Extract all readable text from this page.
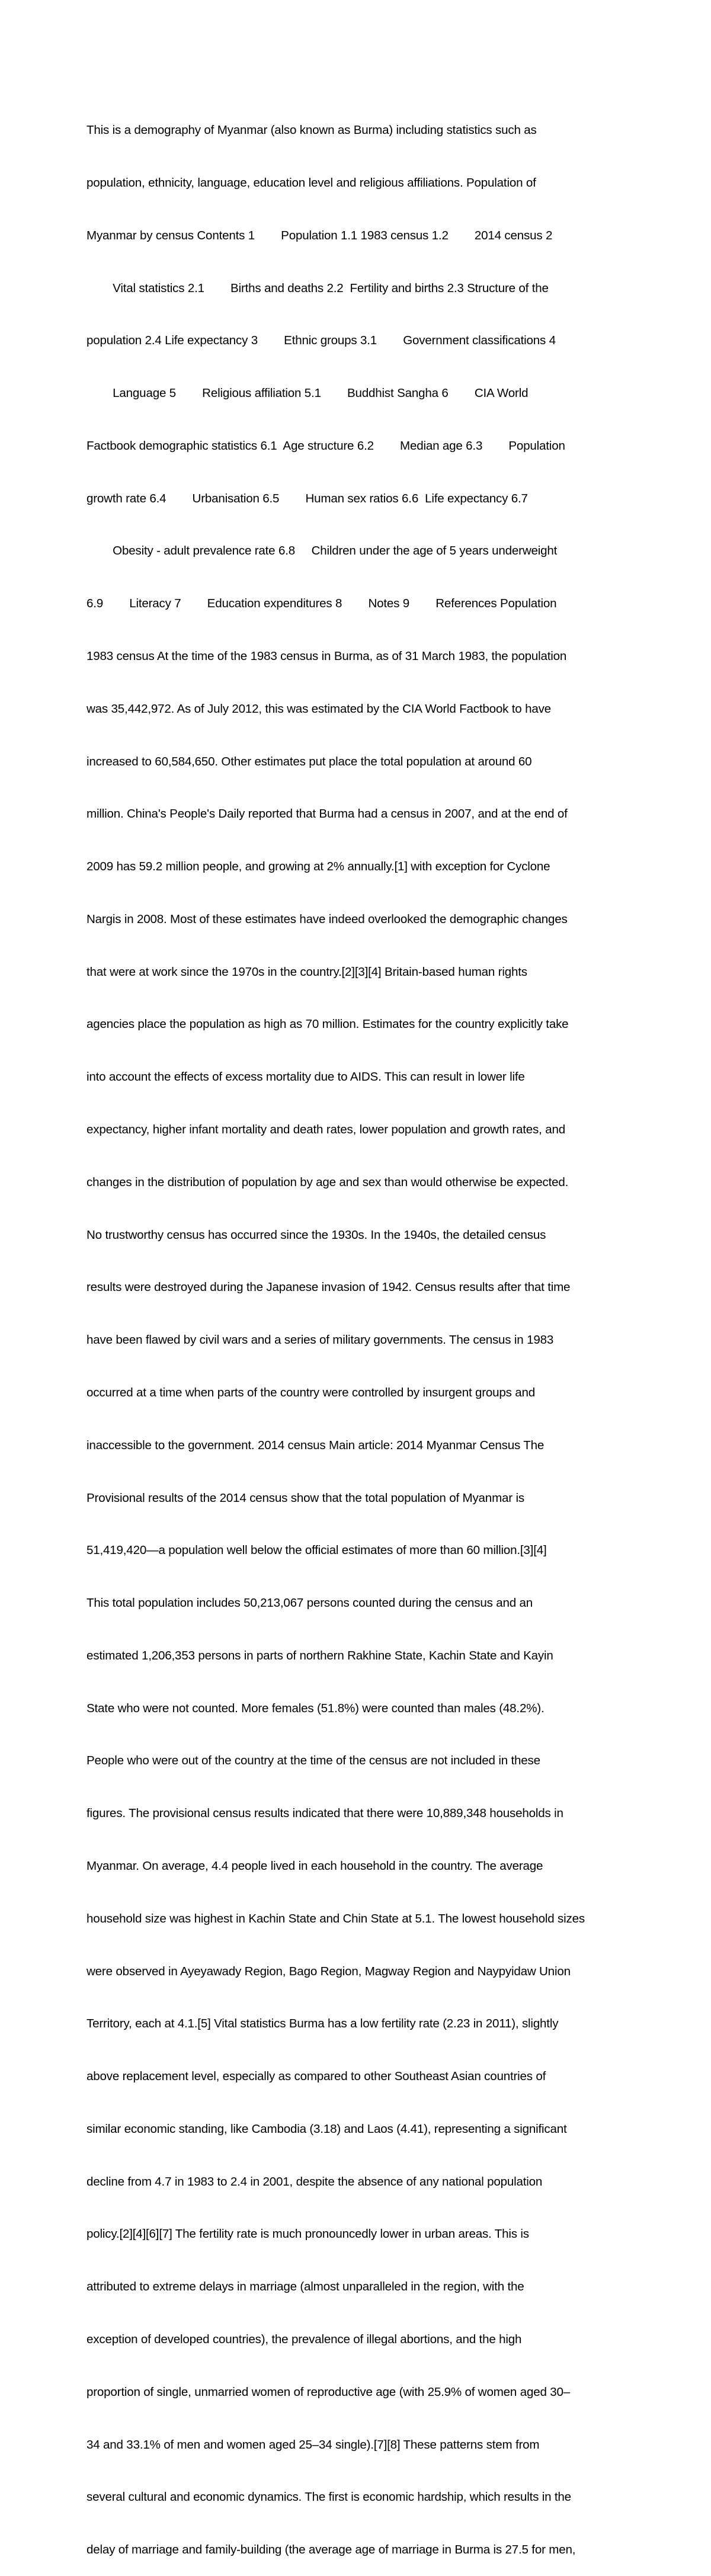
This is a demography of Myanmar (also known as Burma) including statistics such as

population, ethnicity, language, education level and religious affiliations. Population of

Myanmar by census Contents 1        Population 1.1 1983 census 1.2        2014 census 2

Vital statistics 2.1        Births and deaths 2.2  Fertility and births 2.3 Structure of the

population 2.4 Life expectancy 3        Ethnic groups 3.1        Government classifications 4

Language 5        Religious affiliation 5.1        Buddhist Sangha 6        CIA World

Factbook demographic statistics 6.1  Age structure 6.2        Median age 6.3        Population

growth rate 6.4        Urbanisation 6.5        Human sex ratios 6.6  Life expectancy 6.7

Obesity - adult prevalence rate 6.8     Children under the age of 5 years underweight

6.9        Literacy 7        Education expenditures 8        Notes 9        References Population

1983 census At the time of the 1983 census in Burma, as of 31 March 1983, the population

was 35,442,972. As of July 2012, this was estimated by the CIA World Factbook to have

increased to 60,584,650. Other estimates put place the total population at around 60

million. China's People's Daily reported that Burma had a census in 2007, and at the end of

2009 has 59.2 million people, and growing at 2% annually.[1] with exception for Cyclone

Nargis in 2008. Most of these estimates have indeed overlooked the demographic changes

that were at work since the 1970s in the country.[2][3][4] Britain-based human rights

agencies place the population as high as 70 million. Estimates for the country explicitly take

into account the effects of excess mortality due to AIDS. This can result in lower life

expectancy, higher infant mortality and death rates, lower population and growth rates, and

changes in the distribution of population by age and sex than would otherwise be expected.

No trustworthy census has occurred since the 1930s. In the 1940s, the detailed census

results were destroyed during the Japanese invasion of 1942. Census results after that time

have been flawed by civil wars and a series of military governments. The census in 1983

occurred at a time when parts of the country were controlled by insurgent groups and

inaccessible to the government. 2014 census Main article: 2014 Myanmar Census The

Provisional results of the 2014 census show that the total population of Myanmar is

51,419,420—a population well below the official estimates of more than 60 million.[3][4]

This total population includes 50,213,067 persons counted during the census and an

estimated 1,206,353 persons in parts of northern Rakhine State, Kachin State and Kayin

State who were not counted. More females (51.8%) were counted than males (48.2%).

People who were out of the country at the time of the census are not included in these

figures. The provisional census results indicated that there were 10,889,348 households in

Myanmar. On average, 4.4 people lived in each household in the country. The average

household size was highest in Kachin State and Chin State at 5.1. The lowest household sizes

were observed in Ayeyawady Region, Bago Region, Magway Region and Naypyidaw Union

Territory, each at 4.1.[5] Vital statistics Burma has a low fertility rate (2.23 in 2011), slightly

above replacement level, especially as compared to other Southeast Asian countries of

similar economic standing, like Cambodia (3.18) and Laos (4.41), representing a significant

decline from 4.7 in 1983 to 2.4 in 2001, despite the absence of any national population

policy.[2][4][6][7] The fertility rate is much pronouncedly lower in urban areas. This is

attributed to extreme delays in marriage (almost unparalleled in the region, with the

exception of developed countries), the prevalence of illegal abortions, and the high

proportion of single, unmarried women of reproductive age (with 25.9% of women aged 30–

34 and 33.1% of men and women aged 25–34 single).[7][8] These patterns stem from

several cultural and economic dynamics. The first is economic hardship, which results in the

delay of marriage and family-building (the average age of marriage in Burma is 27.5 for men,
